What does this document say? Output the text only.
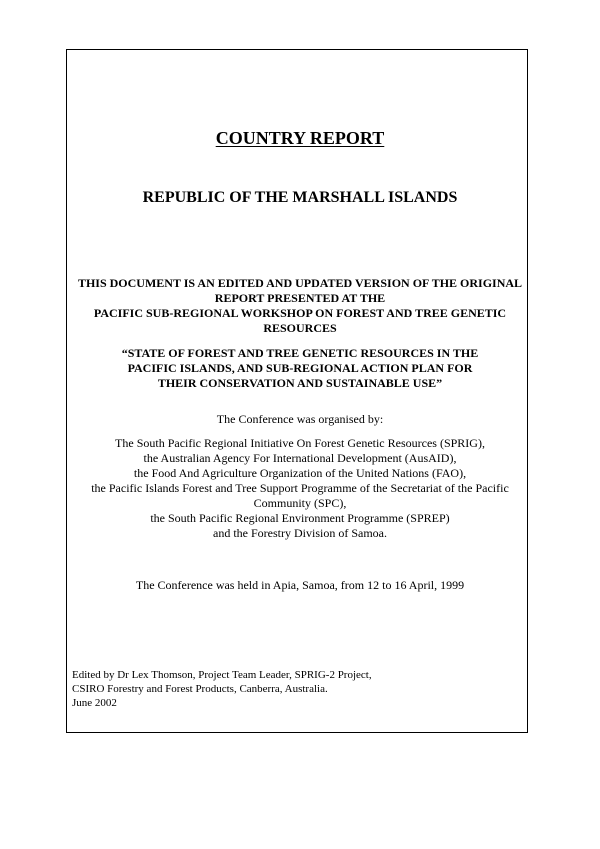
COUNTRY REPORT
REPUBLIC OF THE MARSHALL ISLANDS
THIS DOCUMENT IS AN EDITED AND UPDATED VERSION OF THE ORIGINAL
REPORT PRESENTED AT THE
PACIFIC SUB-REGIONAL WORKSHOP ON FOREST AND TREE GENETIC
RESOURCES
“STATE OF FOREST AND TREE GENETIC RESOURCES IN THE
PACIFIC ISLANDS, AND SUB-REGIONAL ACTION PLAN FOR
THEIR CONSERVATION AND SUSTAINABLE USE”
The Conference was organised by:
The South Pacific Regional Initiative On Forest Genetic Resources (SPRIG),
the Australian Agency For International Development (AusAID),
the Food And Agriculture Organization of the United Nations (FAO),
the Pacific Islands Forest and Tree Support Programme of the Secretariat of the Pacific
Community (SPC),
the South Pacific Regional Environment Programme (SPREP)
and the Forestry Division of Samoa.
The Conference was held in Apia, Samoa, from 12 to 16 April, 1999
Edited by Dr Lex Thomson, Project Team Leader, SPRIG-2 Project,
CSIRO Forestry and Forest Products, Canberra, Australia.
June 2002
